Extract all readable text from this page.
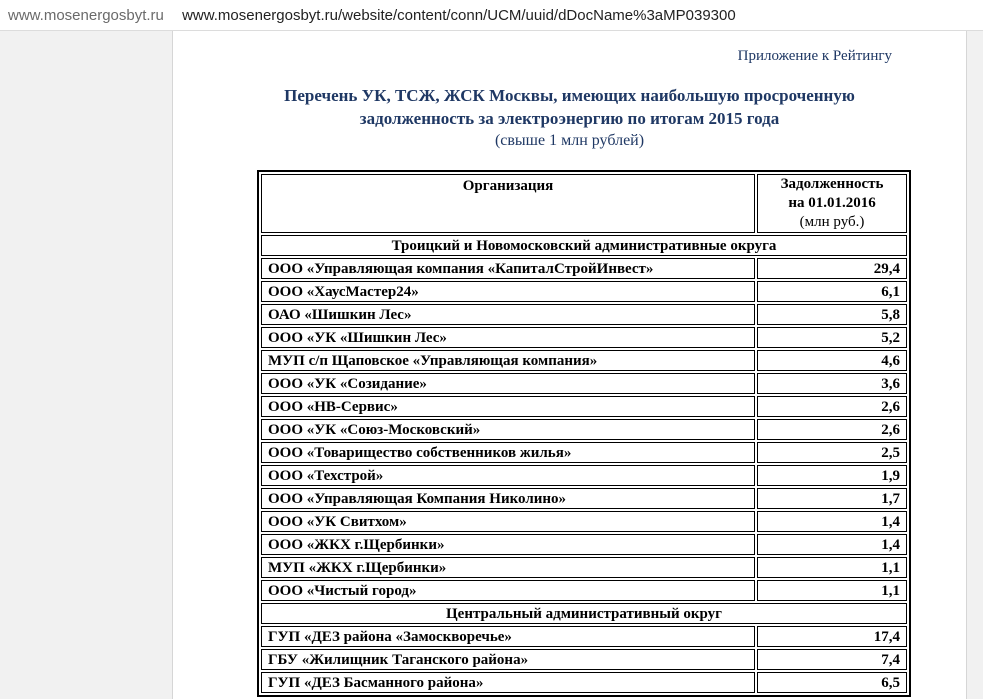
www.mosenergosbyt.ru www.mosenergosbyt.ru/website/content/conn/UCM/uuid/dDocName%3aMP039300
Приложение к Рейтингу
Перечень УК, ТСЖ, ЖСК Москвы, имеющих наибольшую просроченную
задолженность за электроэнергию по итогам 2015 года
(свыше 1 млн рублей)
Организация	Задолженность
на 01.01.2016
(млн руб.)
Троицкий и Новомосковский административные округа	
ООО «Управляющая компания «КапиталСтройИнвест»	29,4
ООО «ХаусМастер24»	6,1
ОАО «Шишкин Лес»	5,8
ООО «УК «Шишкин Лес»	5,2
МУП с/п Щаповское «Управляющая компания»	4,6
ООО «УК «Созидание»	3,6
ООО «НВ-Сервис»	2,6
ООО «УК «Союз-Московский»	2,6
ООО «Товарищество собственников жилья»	2,5
ООО «Техстрой»	1,9
ООО «Управляющая Компания Николино»	1,7
ООО «УК Свитхом»	1,4
ООО «ЖКХ г.Щербинки»	1,4
МУП «ЖКХ г.Щербинки»	1,1
ООО «Чистый город»	1,1
Центральный административный округ	
ГУП «ДЕЗ района «Замоскворечье»	17,4
ГБУ «Жилищник Таганского района»	7,4
ГУП «ДЕЗ Басманного района»	6,5
